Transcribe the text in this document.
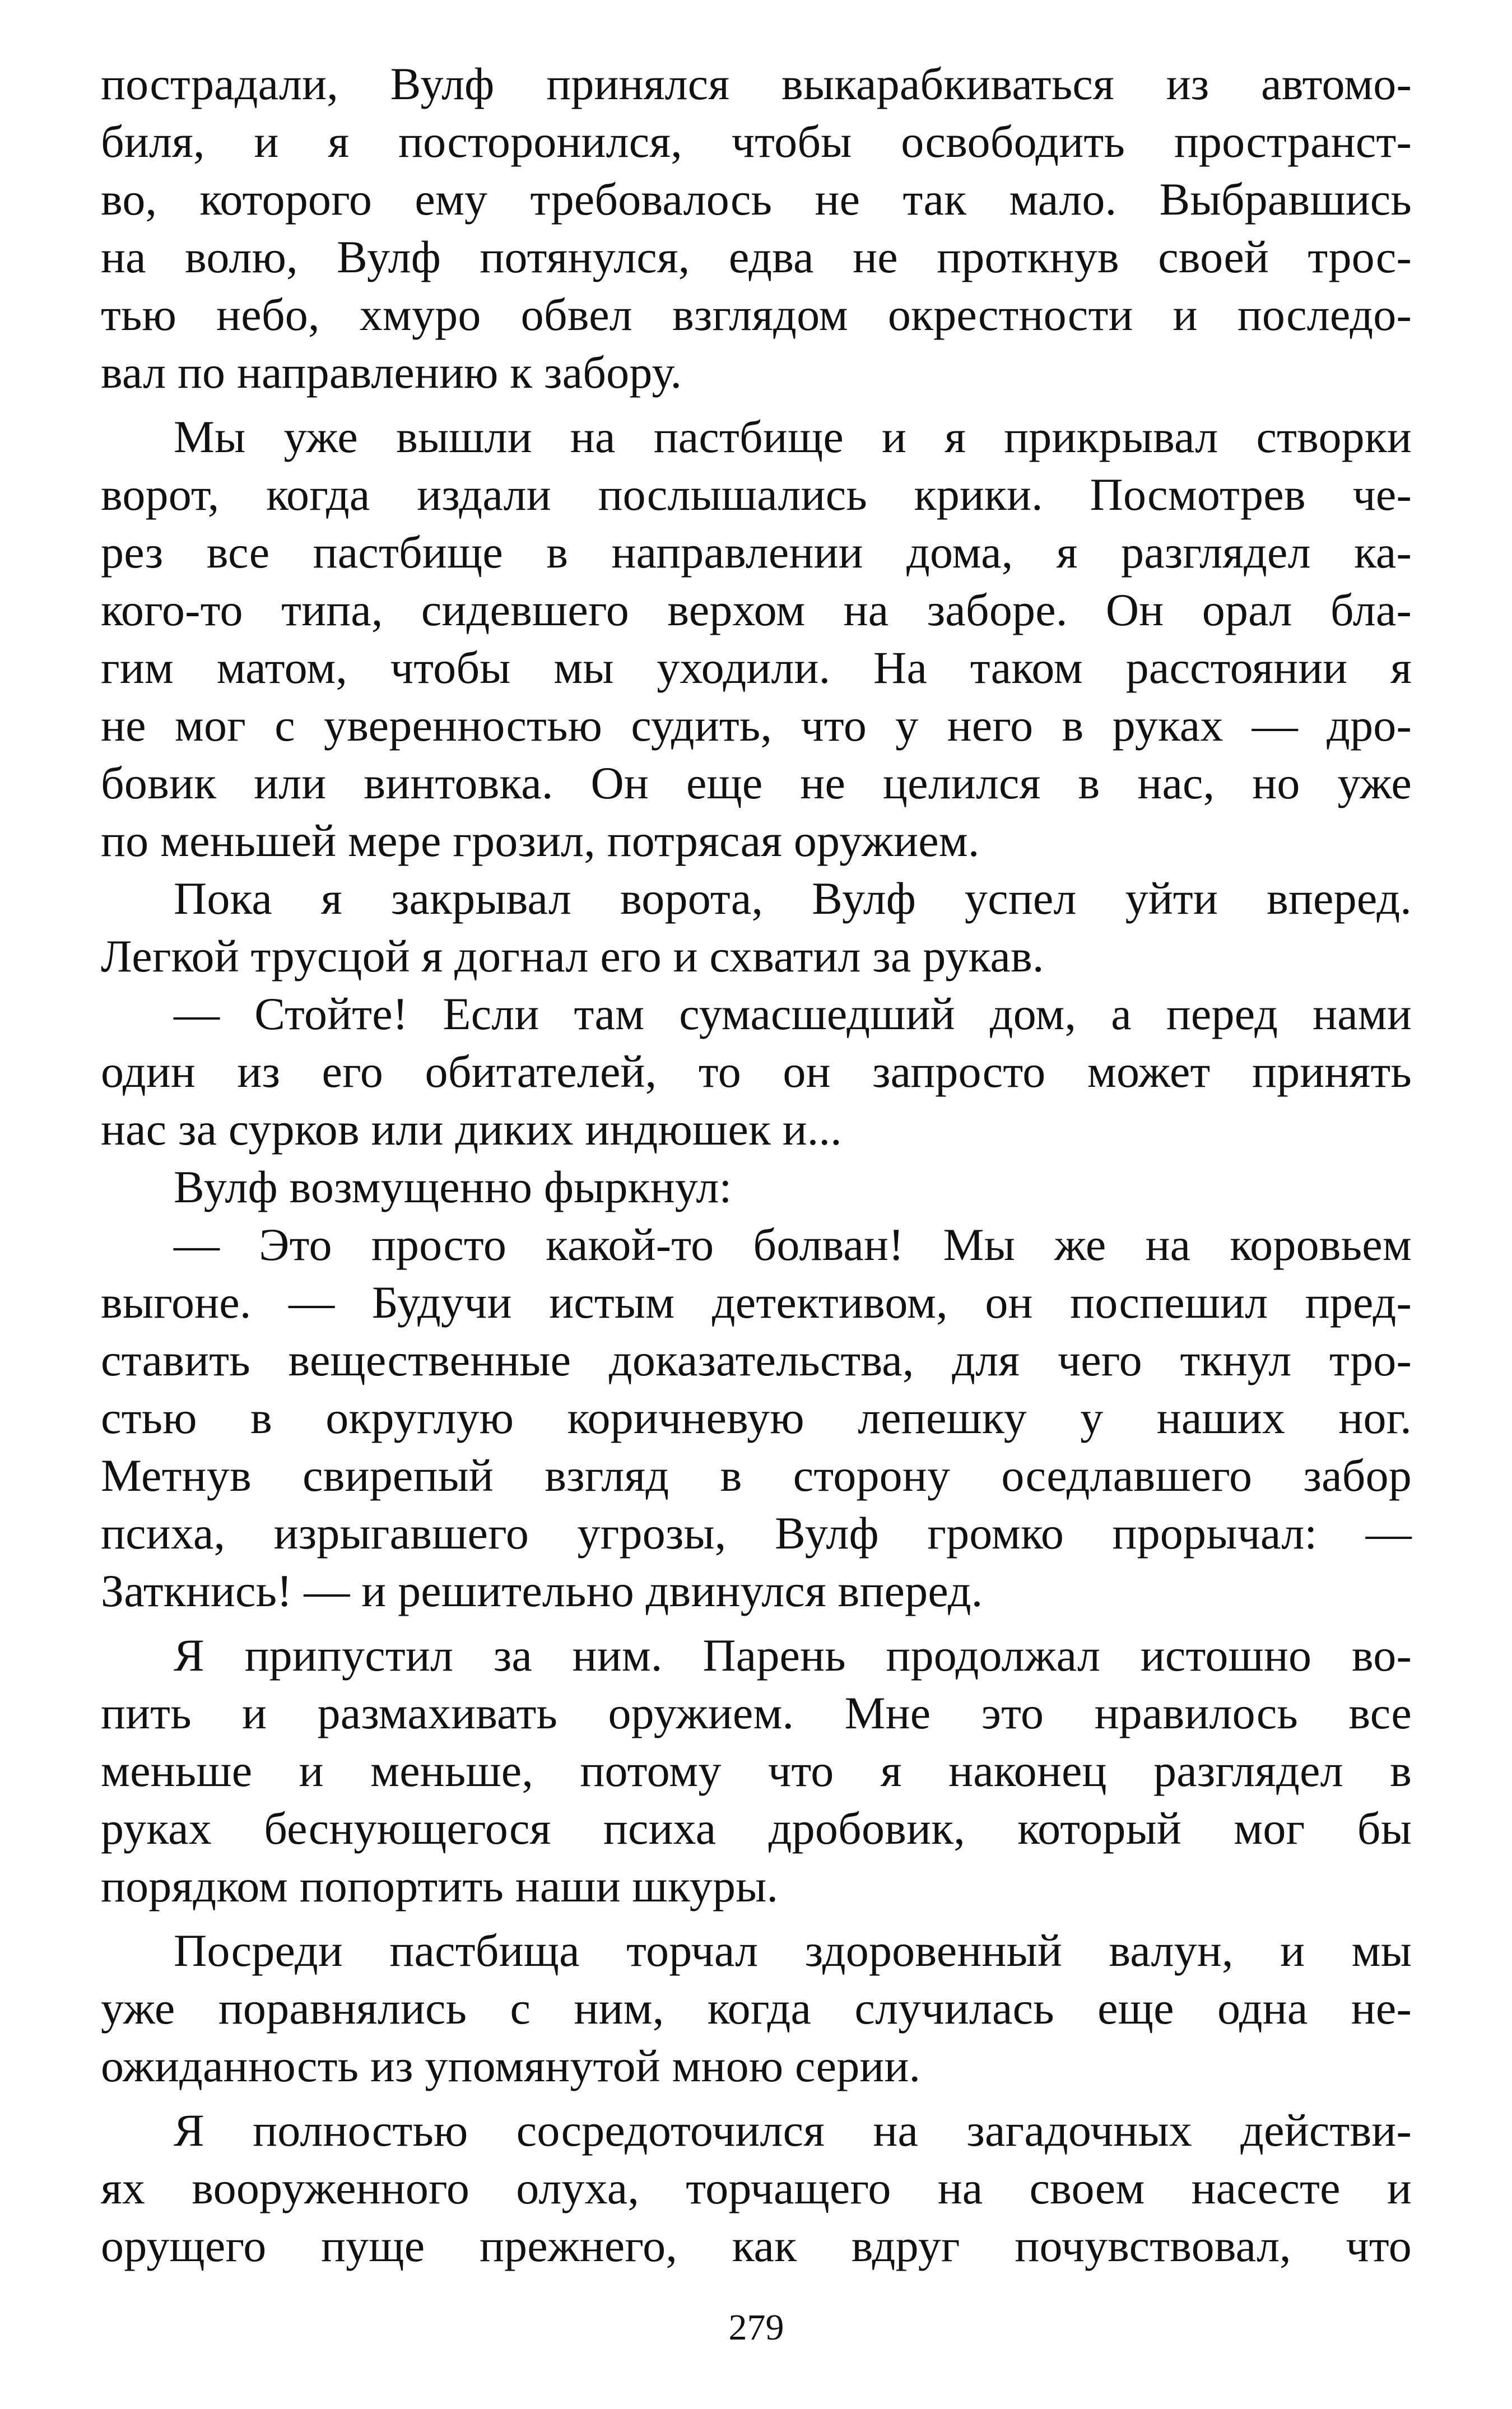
пострадали, Вулф принялся выкарабкиваться из автомо-
биля, и я посторонился, чтобы освободить пространст-
во, которого ему требовалось не так мало. Выбравшись
на волю, Вулф потянулся, едва не проткнув своей трос-
тью небо, хмуро обвел взглядом окрестности и последо-
вал по направлению к забору.
Мы уже вышли на пастбище и я прикрывал створки
ворот, когда издали послышались крики. Посмотрев че-
рез все пастбище в направлении дома, я разглядел ка-
кого-то типа, сидевшего верхом на заборе. Он орал бла-
гим матом, чтобы мы уходили. На таком расстоянии я
не мог с уверенностью судить, что у него в руках — дро-
бовик или винтовка. Он еще не целился в нас, но уже
по меньшей мере грозил, потрясая оружием.
Пока я закрывал ворота, Вулф успел уйти вперед.
Легкой трусцой я догнал его и схватил за рукав.
— Стойте! Если там сумасшедший дом, а перед нами
один из его обитателей, то он запросто может принять
нас за сурков или диких индюшек и...
Вулф возмущенно фыркнул:
— Это просто какой-то болван! Мы же на коровьем
выгоне. — Будучи истым детективом, он поспешил пред-
ставить вещественные доказательства, для чего ткнул тро-
стью в округлую коричневую лепешку у наших ног.
Метнув свирепый взгляд в сторону оседлавшего забор
психа, изрыгавшего угрозы, Вулф громко прорычал: —
Заткнись! — и решительно двинулся вперед.
Я припустил за ним. Парень продолжал истошно во-
пить и размахивать оружием. Мне это нравилось все
меньше и меньше, потому что я наконец разглядел в
руках беснующегося психа дробовик, который мог бы
порядком попортить наши шкуры.
Посреди пастбища торчал здоровенный валун, и мы
уже поравнялись с ним, когда случилась еще одна не-
ожиданность из упомянутой мною серии.
Я полностью сосредоточился на загадочных действи-
ях вооруженного олуха, торчащего на своем насесте и
орущего пуще прежнего, как вдруг почувствовал, что
279
